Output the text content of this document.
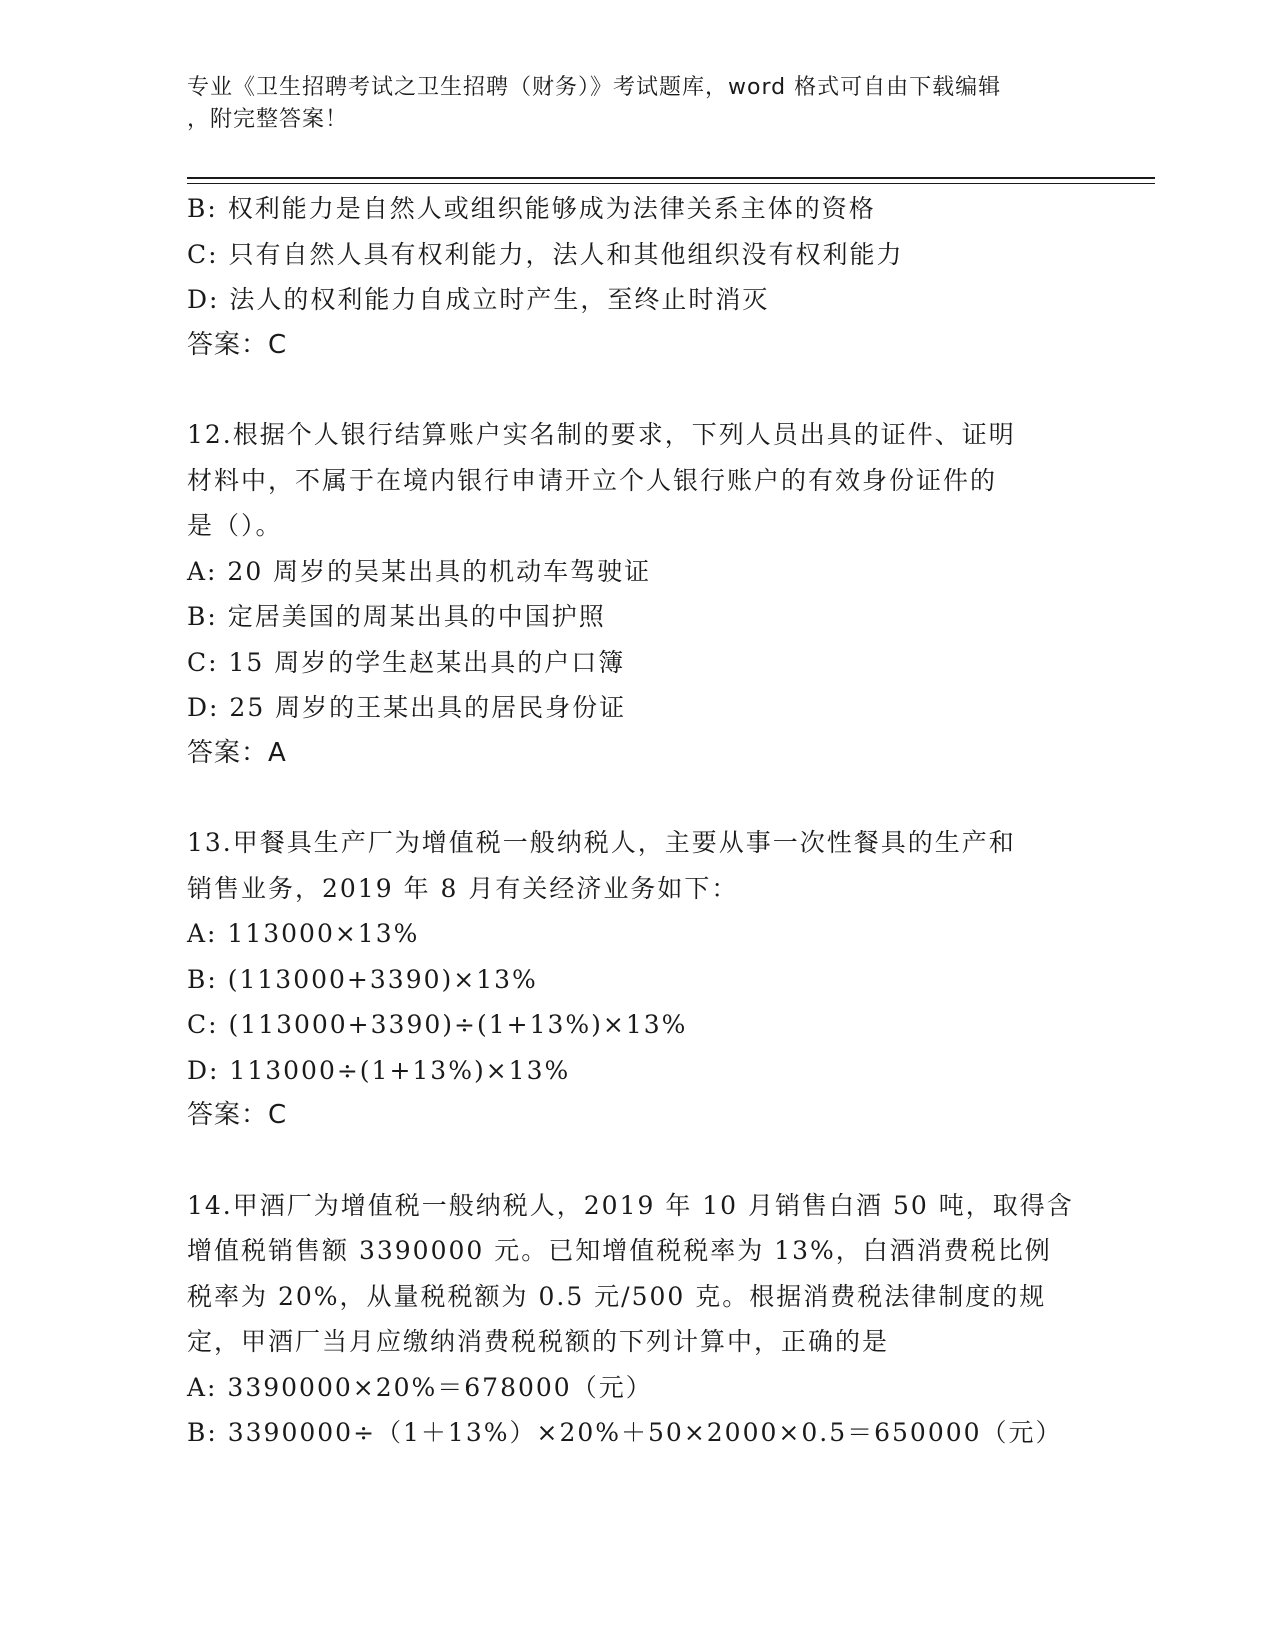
专业《卫生招聘考试之卫生招聘（财务）》考试题库，word 格式可自由下载编辑
，附完整答案！
B: 权利能力是自然人或组织能够成为法律关系主体的资格
C: 只有自然人具有权利能力，法人和其他组织没有权利能力
D: 法人的权利能力自成立时产生，至终止时消灭
答案：C
12.根据个人银行结算账户实名制的要求，下列人员出具的证件、证明
材料中，不属于在境内银行申请开立个人银行账户的有效身份证件的
是（）。
A: 20 周岁的吴某出具的机动车驾驶证
B: 定居美国的周某出具的中国护照
C: 15 周岁的学生赵某出具的户口簿
D: 25 周岁的王某出具的居民身份证
答案：A
13.甲餐具生产厂为增值税一般纳税人，主要从事一次性餐具的生产和
销售业务，2019 年 8 月有关经济业务如下：
A: 113000×13%
B: (113000+3390)×13%
C: (113000+3390)÷(1+13%)×13%
D: 113000÷(1+13%)×13%
答案：C
14.甲酒厂为增值税一般纳税人，2019 年 10 月销售白酒 50 吨，取得含
增值税销售额 3390000 元。已知增值税税率为 13%，白酒消费税比例
税率为 20%，从量税税额为 0.5 元/500 克。根据消费税法律制度的规
定，甲酒厂当月应缴纳消费税税额的下列计算中，正确的是
A: 3390000×20%＝678000（元）
B: 3390000÷（1＋13%）×20%＋50×2000×0.5＝650000（元）
